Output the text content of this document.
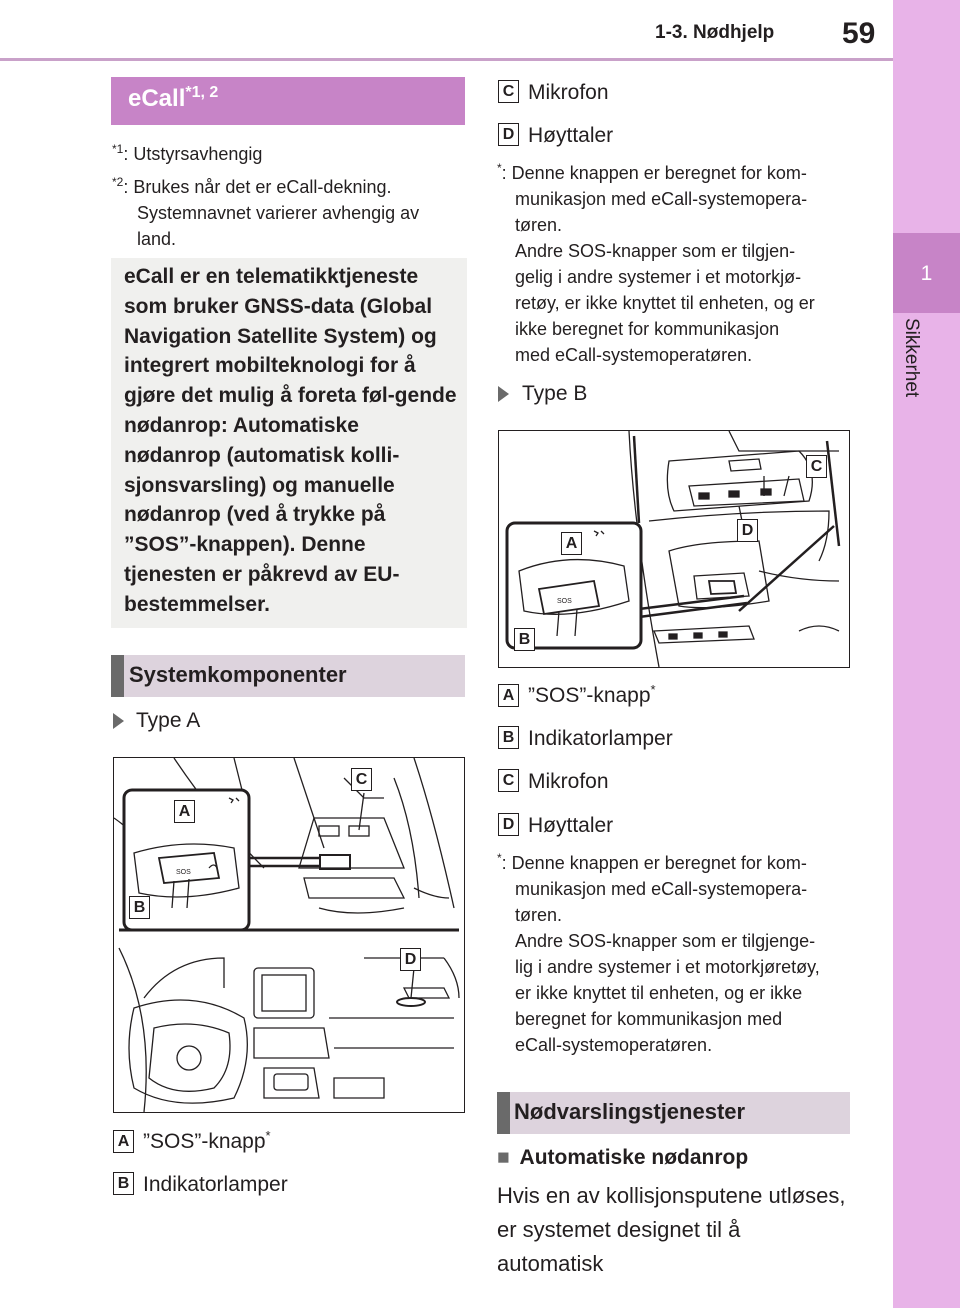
1-3. Nødhjelp 59
1
Sikkerhet
eCall$^{*1, 2}$
$^{*1}$: Utstyrsavhengig
$^{*2}$: Brukes når det er eCall-dekning.
Systemnavnet varierer avhengig av
land.
eCall er en telematikktjeneste som bruker GNSS-data (Global Navigation Satellite System) og integrert mobilteknologi for å gjøre det mulig å foreta føl-gende nødanrop: Automatiske nødanrop (automatisk kolli-sjonsvarsling) og manuelle nødanrop (ved å trykke på ”SOS”-knappen). Denne tjenesten er påkrevd av EU-bestemmelser.
Systemkomponenter
Type A
SOS
A
B
C
D
A ”SOS”-knapp*
B Indikatorlamper
C Mikrofon
D Høyttaler
*: Denne knappen er beregnet for kom-
munikasjon med eCall-systemopera-
tøren.
Andre SOS-knapper som er tilgjen-
gelig i andre systemer i et motorkjø-
retøy, er ikke knyttet til enheten, og er
ikke beregnet for kommunikasjon
med eCall-systemoperatøren.
Type B
SOS
A
B
C
D
A ”SOS”-knapp*
B Indikatorlamper
C Mikrofon
D Høyttaler
*: Denne knappen er beregnet for kom-
munikasjon med eCall-systemopera-
tøren.
Andre SOS-knapper som er tilgjenge-
lig i andre systemer i et motorkjøretøy,
er ikke knyttet til enheten, og er ikke
beregnet for kommunikasjon med
eCall-systemoperatøren.
Nødvarslingstjenester
■ Automatiske nødanrop
Hvis en av kollisjonsputene utløses,
er systemet designet til å automatisk
